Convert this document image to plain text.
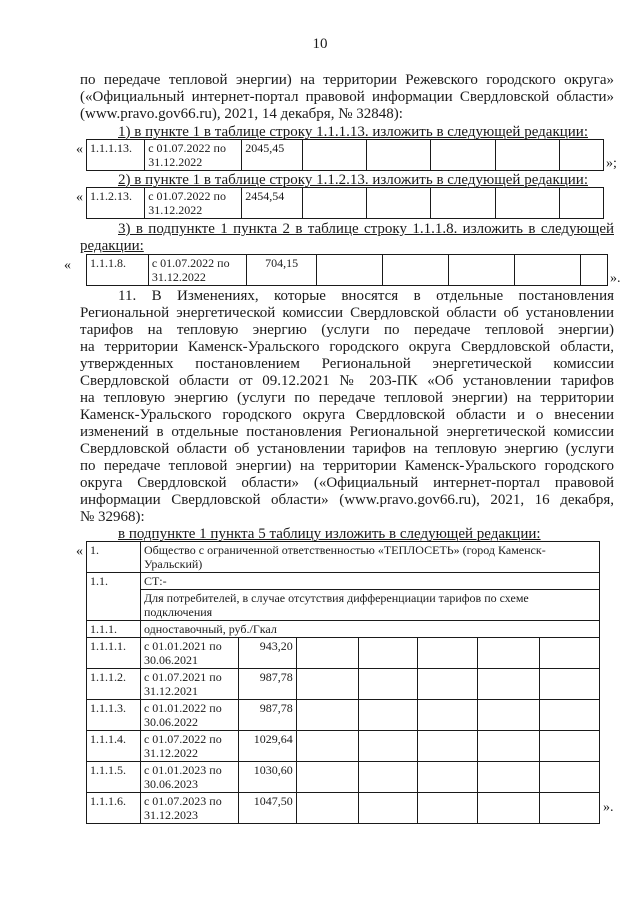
10
по передаче тепловой энергии) на территории Режевского городского округа»
(«Официальный интернет-портал правовой информации Свердловской области»
(www.pravo.gov66.ru), 2021, 14 декабря, № 32848):
1) в пункте 1 в таблице строку 1.1.1.13. изложить в следующей редакции:
« 1.1.1.13.	с 01.07.2022 по 31.12.2022	2045,45					
»;
2) в пункте 1 в таблице строку 1.1.2.13. изложить в следующей редакции:
« 1.1.2.13.	с 01.07.2022 по 31.12.2022	2454,54					
3) в подпункте 1 пункта 2 в таблице строку 1.1.1.8. изложить в следующей
редакции:
« 1.1.1.8.	с 01.07.2022 по 31.12.2022	704,15					
».
11. В Изменениях, которые вносятся в отдельные постановления
Региональной энергетической комиссии Свердловской области об установлении
тарифов на тепловую энергию (услуги по передаче тепловой энергии)
на территории Каменск-Уральского городского округа Свердловской области,
утвержденных постановлением Региональной энергетической комиссии
Свердловской области от 09.12.2021 № 203-ПК «Об установлении тарифов
на тепловую энергию (услуги по передаче тепловой энергии) на территории
Каменск-Уральского городского округа Свердловской области и о внесении
изменений в отдельные постановления Региональной энергетической комиссии
Свердловской области об установлении тарифов на тепловую энергию (услуги
по передаче тепловой энергии) на территории Каменск-Уральского городского
округа Свердловской области» («Официальный интернет-портал правовой
информации Свердловской области» (www.pravo.gov66.ru), 2021, 16 декабря,
№ 32968):
в подпункте 1 пункта 5 таблицу изложить в следующей редакции:
« 1.	Общество с ограниченной ответственностью «ТЕПЛОСЕТЬ» (город Каменск-Уральский)						
1.1.	СТ:-						
	Для потребителей, в случае отсутствия дифференциации тарифов по схеме подключения						
1.1.1.	одноставочный, руб./Гкал						
1.1.1.1.	с 01.01.2021 по 30.06.2021	943,20					
1.1.1.2.	с 01.07.2021 по 31.12.2021	987,78					
1.1.1.3.	с 01.01.2022 по 30.06.2022	987,78					
1.1.1.4.	с 01.07.2022 по 31.12.2022	1029,64					
1.1.1.5.	с 01.01.2023 по 30.06.2023	1030,60					
1.1.1.6.	с 01.07.2023 по 31.12.2023	1047,50						».
